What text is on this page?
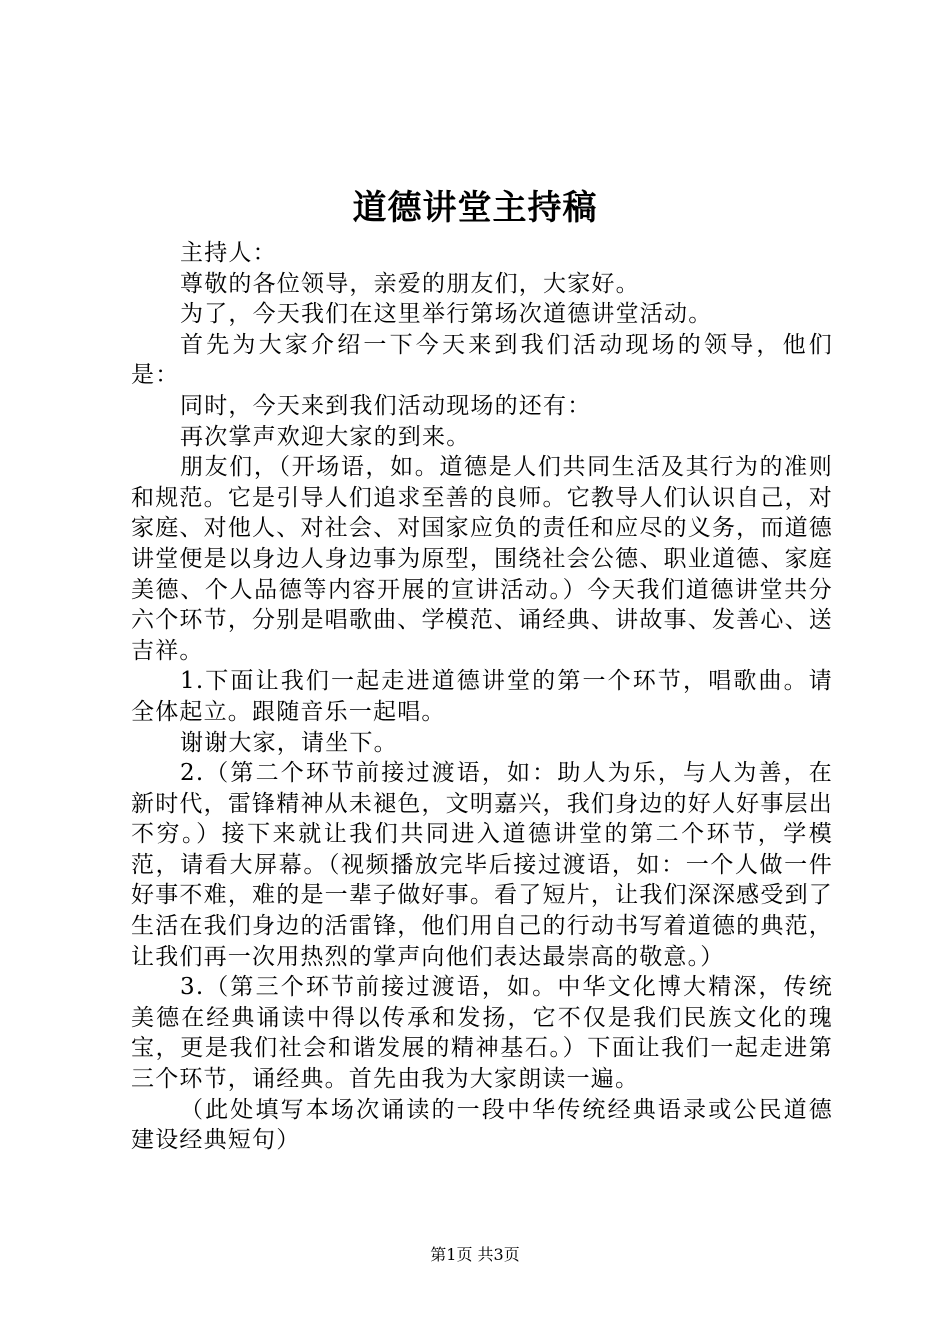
道德讲堂主持稿

主持人：

尊敬的各位领导，亲爱的朋友们，大家好。

为了，今天我们在这里举行第场次道德讲堂活动。

首先为大家介绍一下今天来到我们活动现场的领导，他们是：

同时，今天来到我们活动现场的还有：

再次掌声欢迎大家的到来。

朋友们，（开场语，如。道德是人们共同生活及其行为的准则和规范。它是引导人们追求至善的良师。它教导人们认识自己，对家庭、对他人、对社会、对国家应负的责任和应尽的义务，而道德讲堂便是以身边人身边事为原型，围绕社会公德、职业道德、家庭美德、个人品德等内容开展的宣讲活动。）今天我们道德讲堂共分六个环节，分别是唱歌曲、学模范、诵经典、讲故事、发善心、送吉祥。

1.下面让我们一起走进道德讲堂的第一个环节，唱歌曲。请全体起立。跟随音乐一起唱。

谢谢大家，请坐下。

2.（第二个环节前接过渡语，如：助人为乐，与人为善，在新时代，雷锋精神从未褪色，文明嘉兴，我们身边的好人好事层出不穷。）接下来就让我们共同进入道德讲堂的第二个环节，学模范，请看大屏幕。（视频播放完毕后接过渡语，如：一个人做一件好事不难，难的是一辈子做好事。看了短片，让我们深深感受到了生活在我们身边的活雷锋，他们用自己的行动书写着道德的典范，让我们再一次用热烈的掌声向他们表达最崇高的敬意。）

3.（第三个环节前接过渡语，如。中华文化博大精深，传统美德在经典诵读中得以传承和发扬，它不仅是我们民族文化的瑰宝，更是我们社会和谐发展的精神基石。）下面让我们一起走进第三个环节，诵经典。首先由我为大家朗读一遍。

（此处填写本场次诵读的一段中华传统经典语录或公民道德建设经典短句）

第1页 共3页
